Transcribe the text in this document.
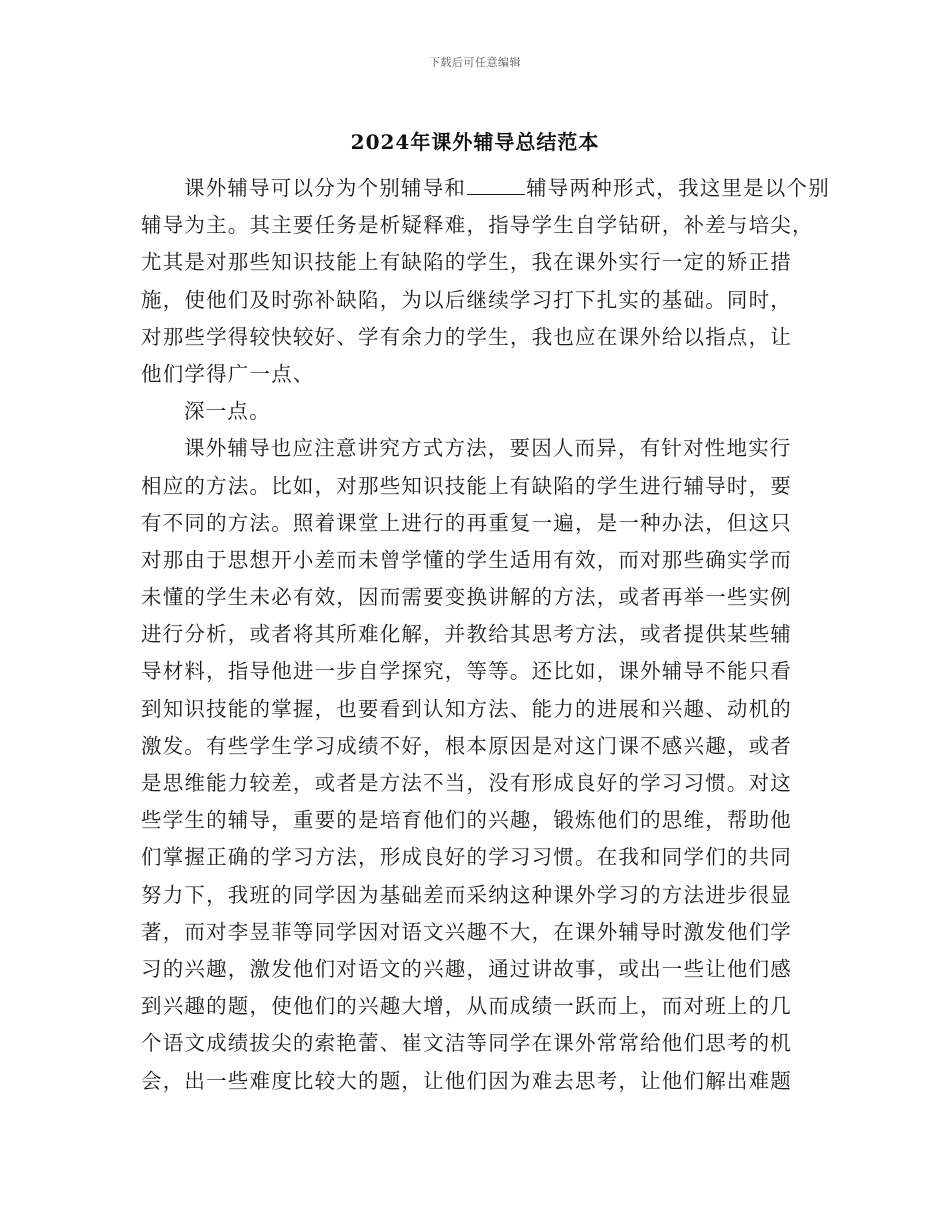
下载后可任意编辑
2024年课外辅导总结范本
课外辅导可以分为个别辅导和	辅导两种形式，我这里是以个别
辅导为主。其主要任务是析疑释难，指导学生自学钻研，补差与培尖，
尤其是对那些知识技能上有缺陷的学生，我在课外实行一定的矫正措
施，使他们及时弥补缺陷，为以后继续学习打下扎实的基础。同时，
对那些学得较快较好、学有余力的学生，我也应在课外给以指点，让
他们学得广一点、
深一点。
课外辅导也应注意讲究方式方法，要因人而异，有针对性地实行
相应的方法。比如，对那些知识技能上有缺陷的学生进行辅导时，要
有不同的方法。照着课堂上进行的再重复一遍，是一种办法，但这只
对那由于思想开小差而未曾学懂的学生适用有效，而对那些确实学而
未懂的学生未必有效，因而需要变换讲解的方法，或者再举一些实例
进行分析，或者将其所难化解，并教给其思考方法，或者提供某些辅
导材料，指导他进一步自学探究，等等。还比如，课外辅导不能只看
到知识技能的掌握，也要看到认知方法、能力的进展和兴趣、动机的
激发。有些学生学习成绩不好，根本原因是对这门课不感兴趣，或者
是思维能力较差，或者是方法不当，没有形成良好的学习习惯。对这
些学生的辅导，重要的是培育他们的兴趣，锻炼他们的思维，帮助他
们掌握正确的学习方法，形成良好的学习习惯。在我和同学们的共同
努力下，我班的同学因为基础差而采纳这种课外学习的方法进步很显
著，而对李昱菲等同学因对语文兴趣不大，在课外辅导时激发他们学
习的兴趣，激发他们对语文的兴趣，通过讲故事，或出一些让他们感
到兴趣的题，使他们的兴趣大增，从而成绩一跃而上，而对班上的几
个语文成绩拔尖的索艳蕾、崔文洁等同学在课外常常给他们思考的机
会，出一些难度比较大的题，让他们因为难去思考，让他们解出难题
